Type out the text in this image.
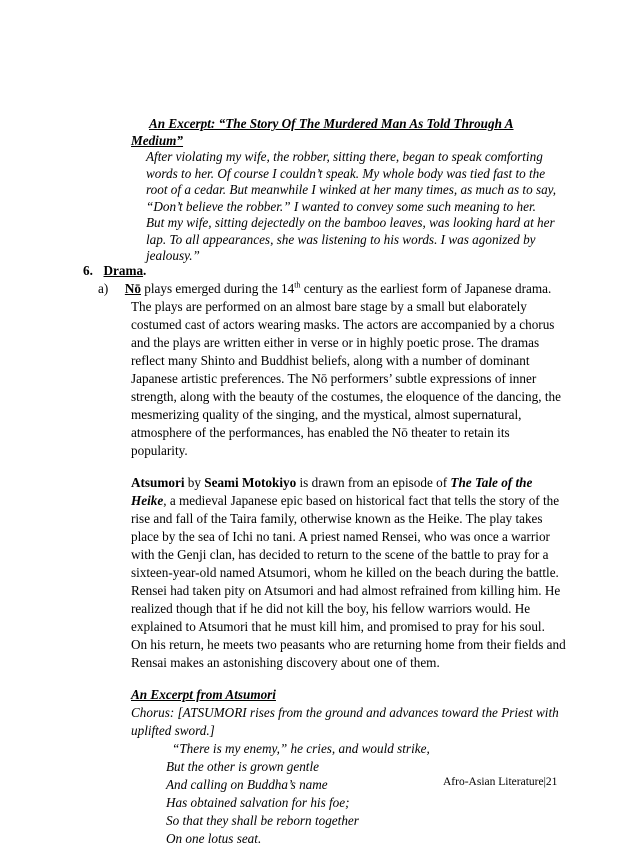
An Excerpt: “The Story Of The Murdered Man As Told Through A

Medium”

After violating my wife, the robber, sitting there, began to speak comforting

words to her. Of course I couldn’t speak. My whole body was tied fast to the

root of a cedar. But meanwhile I winked at her many times, as much as to say,

“Don’t believe the robber.” I wanted to convey some such meaning to her.

But my wife, sitting dejectedly on the bamboo leaves, was looking hard at her

lap. To all appearances, she was listening to his words. I was agonized by

jealousy.”

6. Drama.

a) Nō plays emerged during the 14th century as the earliest form of Japanese drama.

The plays are performed on an almost bare stage by a small but elaborately

costumed cast of actors wearing masks. The actors are accompanied by a chorus

and the plays are written either in verse or in highly poetic prose. The dramas

reflect many Shinto and Buddhist beliefs, along with a number of dominant

Japanese artistic preferences. The Nō performers’ subtle expressions of inner

strength, along with the beauty of the costumes, the eloquence of the dancing, the

mesmerizing quality of the singing, and the mystical, almost supernatural,

atmosphere of the performances, has enabled the Nō theater to retain its

popularity.

Atsumori by Seami Motokiyo is drawn from an episode of The Tale of the

Heike, a medieval Japanese epic based on historical fact that tells the story of the

rise and fall of the Taira family, otherwise known as the Heike. The play takes

place by the sea of Ichi no tani. A priest named Rensei, who was once a warrior

with the Genji clan, has decided to return to the scene of the battle to pray for a

sixteen-year-old named Atsumori, whom he killed on the beach during the battle.

Rensei had taken pity on Atsumori and had almost refrained from killing him. He

realized though that if he did not kill the boy, his fellow warriors would. He

explained to Atsumori that he must kill him, and promised to pray for his soul.

On his return, he meets two peasants who are returning home from their fields and

Rensai makes an astonishing discovery about one of them.

An Excerpt from Atsumori

Chorus: [ATSUMORI rises from the ground and advances toward the Priest with

uplifted sword.]

“There is my enemy,” he cries, and would strike,

But the other is grown gentle

And calling on Buddha’s name

Has obtained salvation for his foe;

So that they shall be reborn together

On one lotus seat.

Afro-Asian Literature|21
